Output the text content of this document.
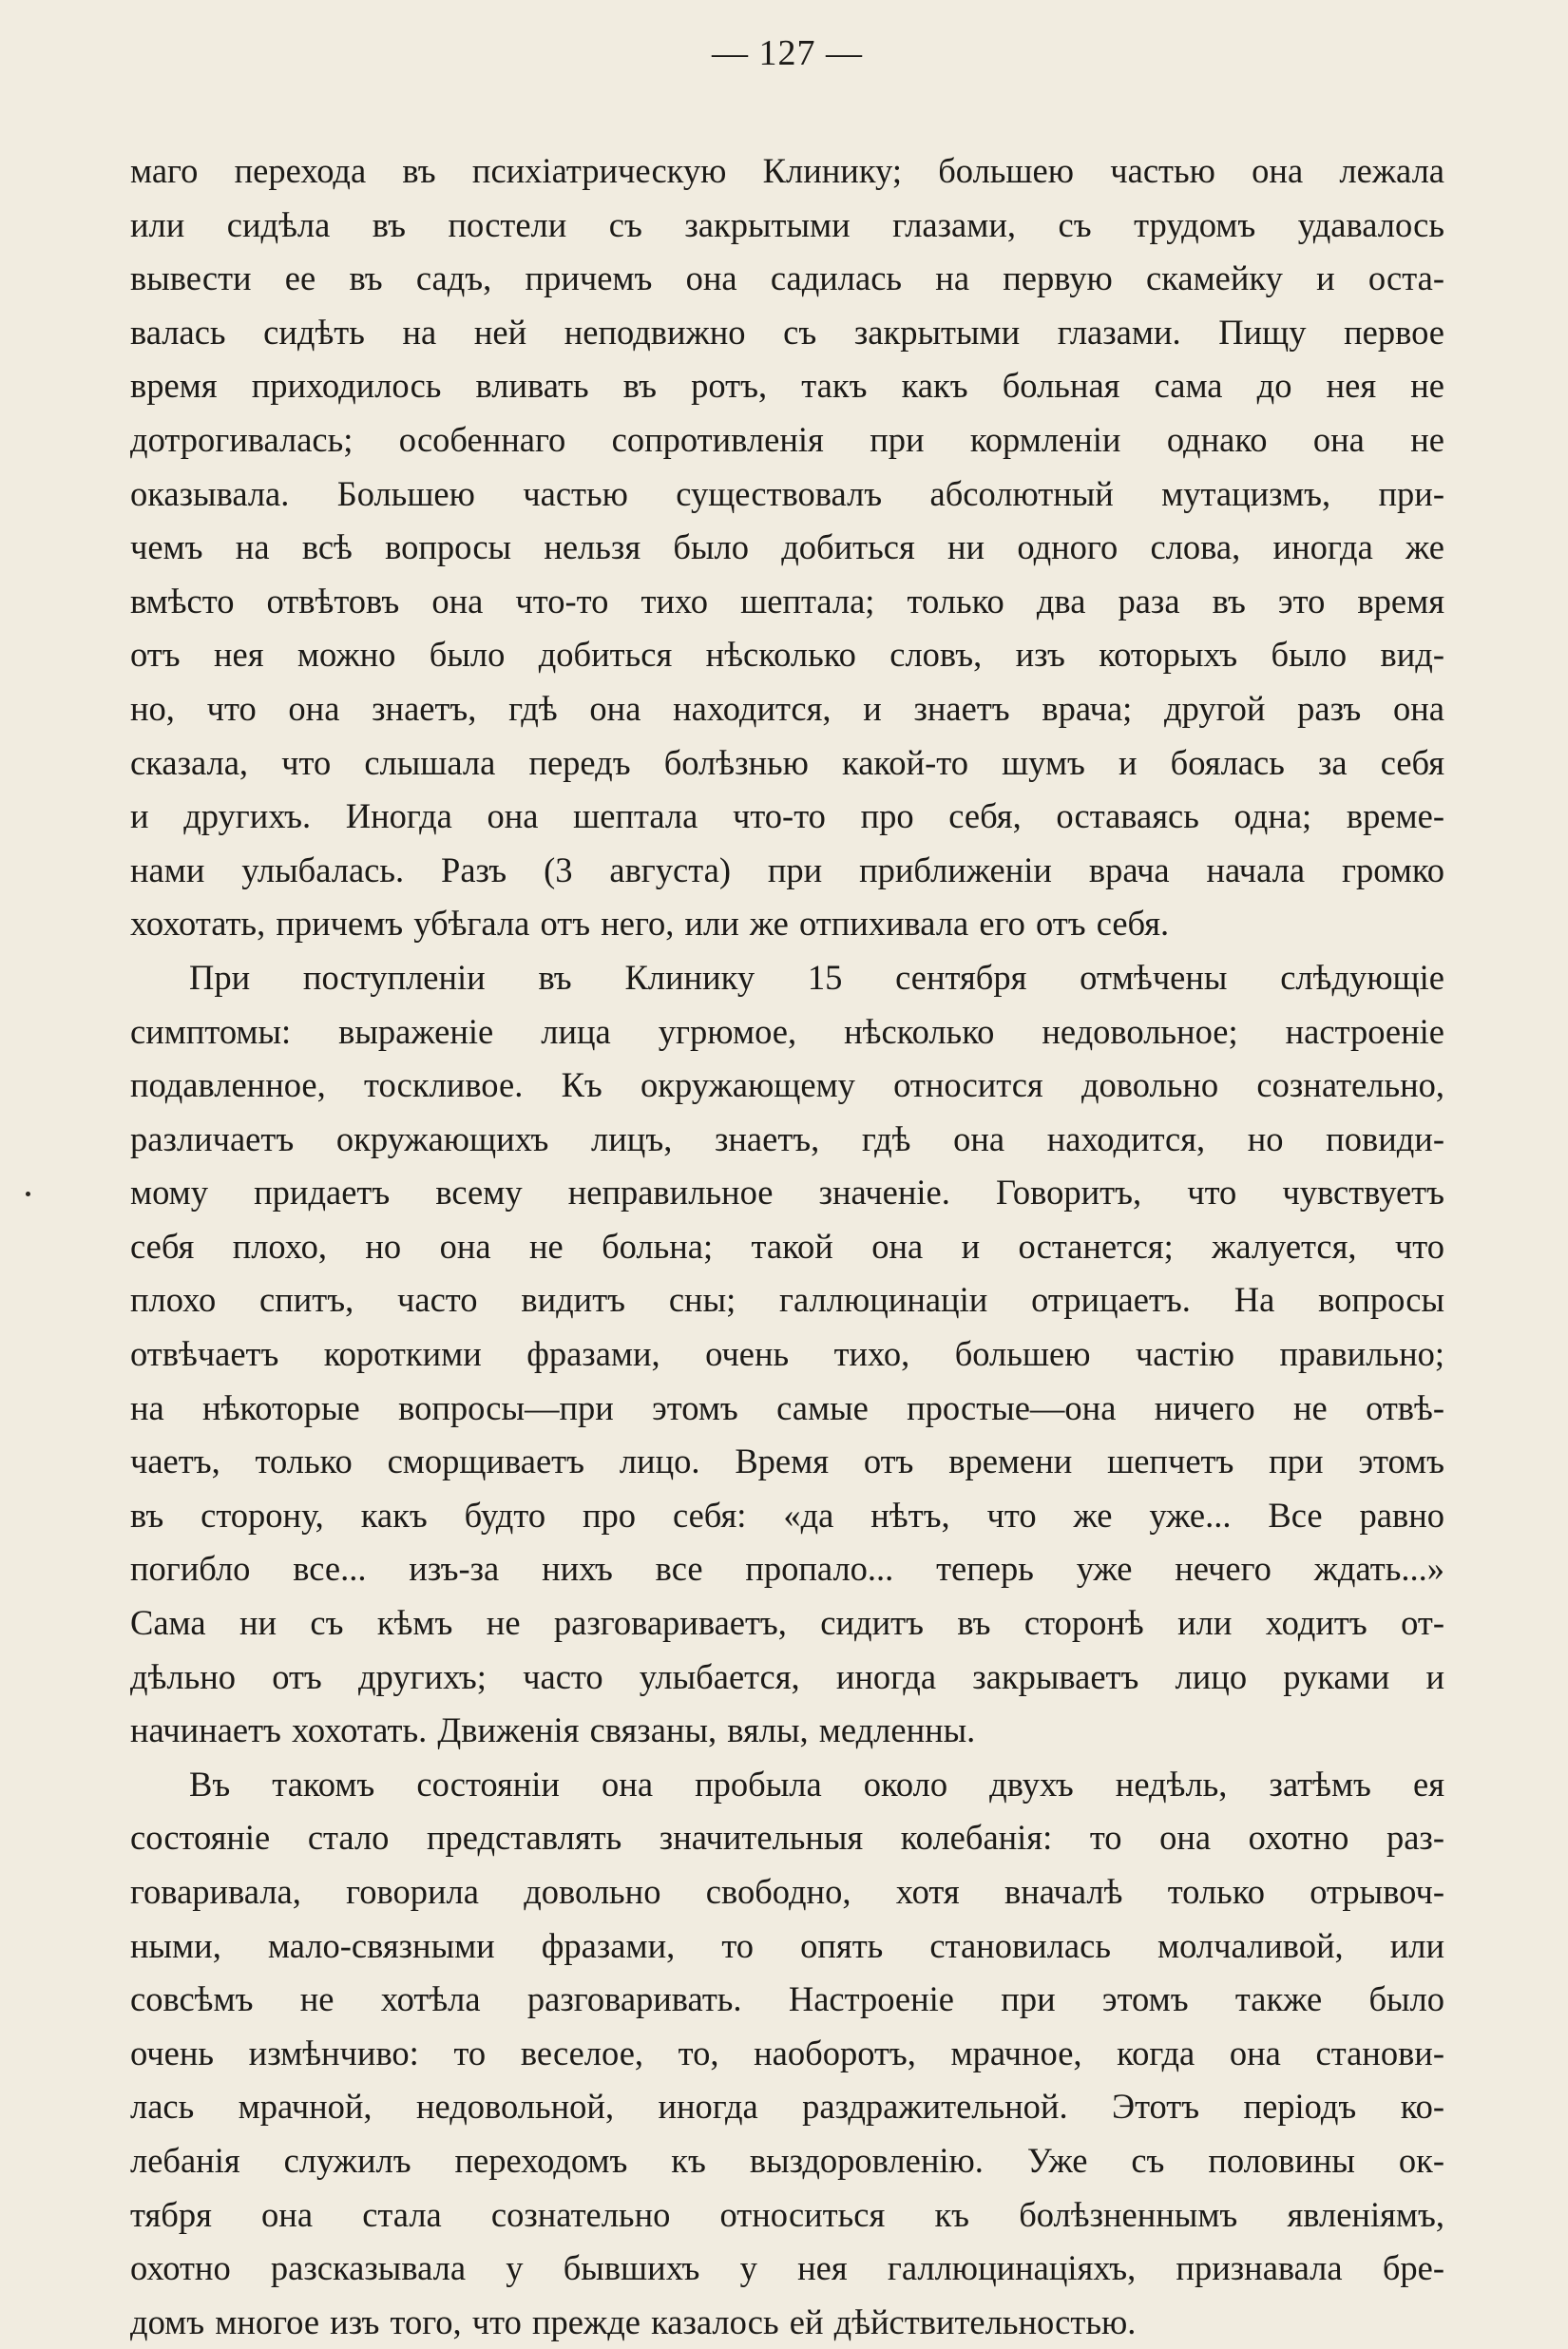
— 127 —
маго перехода въ психіатрическую Клинику; большею частью она лежала
или сидѣла въ постели съ закрытыми глазами, съ трудомъ удавалось
вывести ее въ садъ, причемъ она садилась на первую скамейку и оста-
валась сидѣть на ней неподвижно съ закрытыми глазами. Пищу первое
время приходилось вливать въ ротъ, такъ какъ больная сама до нея не
дотрогивалась; особеннаго сопротивленія при кормленіи однако она не
оказывала. Большею частью существовалъ абсолютный мутацизмъ, при-
чемъ на всѣ вопросы нельзя было добиться ни одного слова, иногда же
вмѣсто отвѣтовъ она что-то тихо шептала; только два раза въ это время
отъ нея можно было добиться нѣсколько словъ, изъ которыхъ было вид-
но, что она знаетъ, гдѣ она находится, и знаетъ врача; другой разъ она
сказала, что слышала передъ болѣзнью какой-то шумъ и боялась за себя
и другихъ. Иногда она шептала что-то про себя, оставаясь одна; време-
нами улыбалась. Разъ (3 августа) при приближеніи врача начала громко
хохотать, причемъ убѣгала отъ него, или же отпихивала его отъ себя.
При поступленіи въ Клинику 15 сентября отмѣчены слѣдующіе
симптомы: выраженіе лица угрюмое, нѣсколько недовольное; настроеніе
подавленное, тоскливое. Къ окружающему относится довольно сознательно,
различаетъ окружающихъ лицъ, знаетъ, гдѣ она находится, но повиди-
мому придаетъ всему неправильное значеніе. Говоритъ, что чувствуетъ
себя плохо, но она не больна; такой она и останется; жалуется, что
плохо спитъ, часто видитъ сны; галлюцинаціи отрицаетъ. На вопросы
отвѣчаетъ короткими фразами, очень тихо, большею частію правильно;
на нѣкоторые вопросы—при этомъ самые простые—она ничего не отвѣ-
чаетъ, только сморщиваетъ лицо. Время отъ времени шепчетъ при этомъ
въ сторону, какъ будто про себя: «да нѣтъ, что же уже... Все равно
погибло все... изъ-за нихъ все пропало... теперь уже нечего ждать...»
Сама ни съ кѣмъ не разговариваетъ, сидитъ въ сторонѣ или ходитъ от-
дѣльно отъ другихъ; часто улыбается, иногда закрываетъ лицо руками и
начинаетъ хохотать. Движенія связаны, вялы, медленны.
Въ такомъ состояніи она пробыла около двухъ недѣль, затѣмъ ея
состояніе стало представлять значительныя колебанія: то она охотно раз-
говаривала, говорила довольно свободно, хотя вначалѣ только отрывоч-
ными, мало-связными фразами, то опять становилась молчаливой, или
совсѣмъ не хотѣла разговаривать. Настроеніе при этомъ также было
очень измѣнчиво: то веселое, то, наоборотъ, мрачное, когда она станови-
лась мрачной, недовольной, иногда раздражительной. Этотъ періодъ ко-
лебанія служилъ переходомъ къ выздоровленію. Уже съ половины ок-
тября она стала сознательно относиться къ болѣзненнымъ явленіямъ,
охотно разсказывала у бывшихъ у нея галлюцинаціяхъ, признавала бре-
домъ многое изъ того, что прежде казалось ей дѣйствительностью.
